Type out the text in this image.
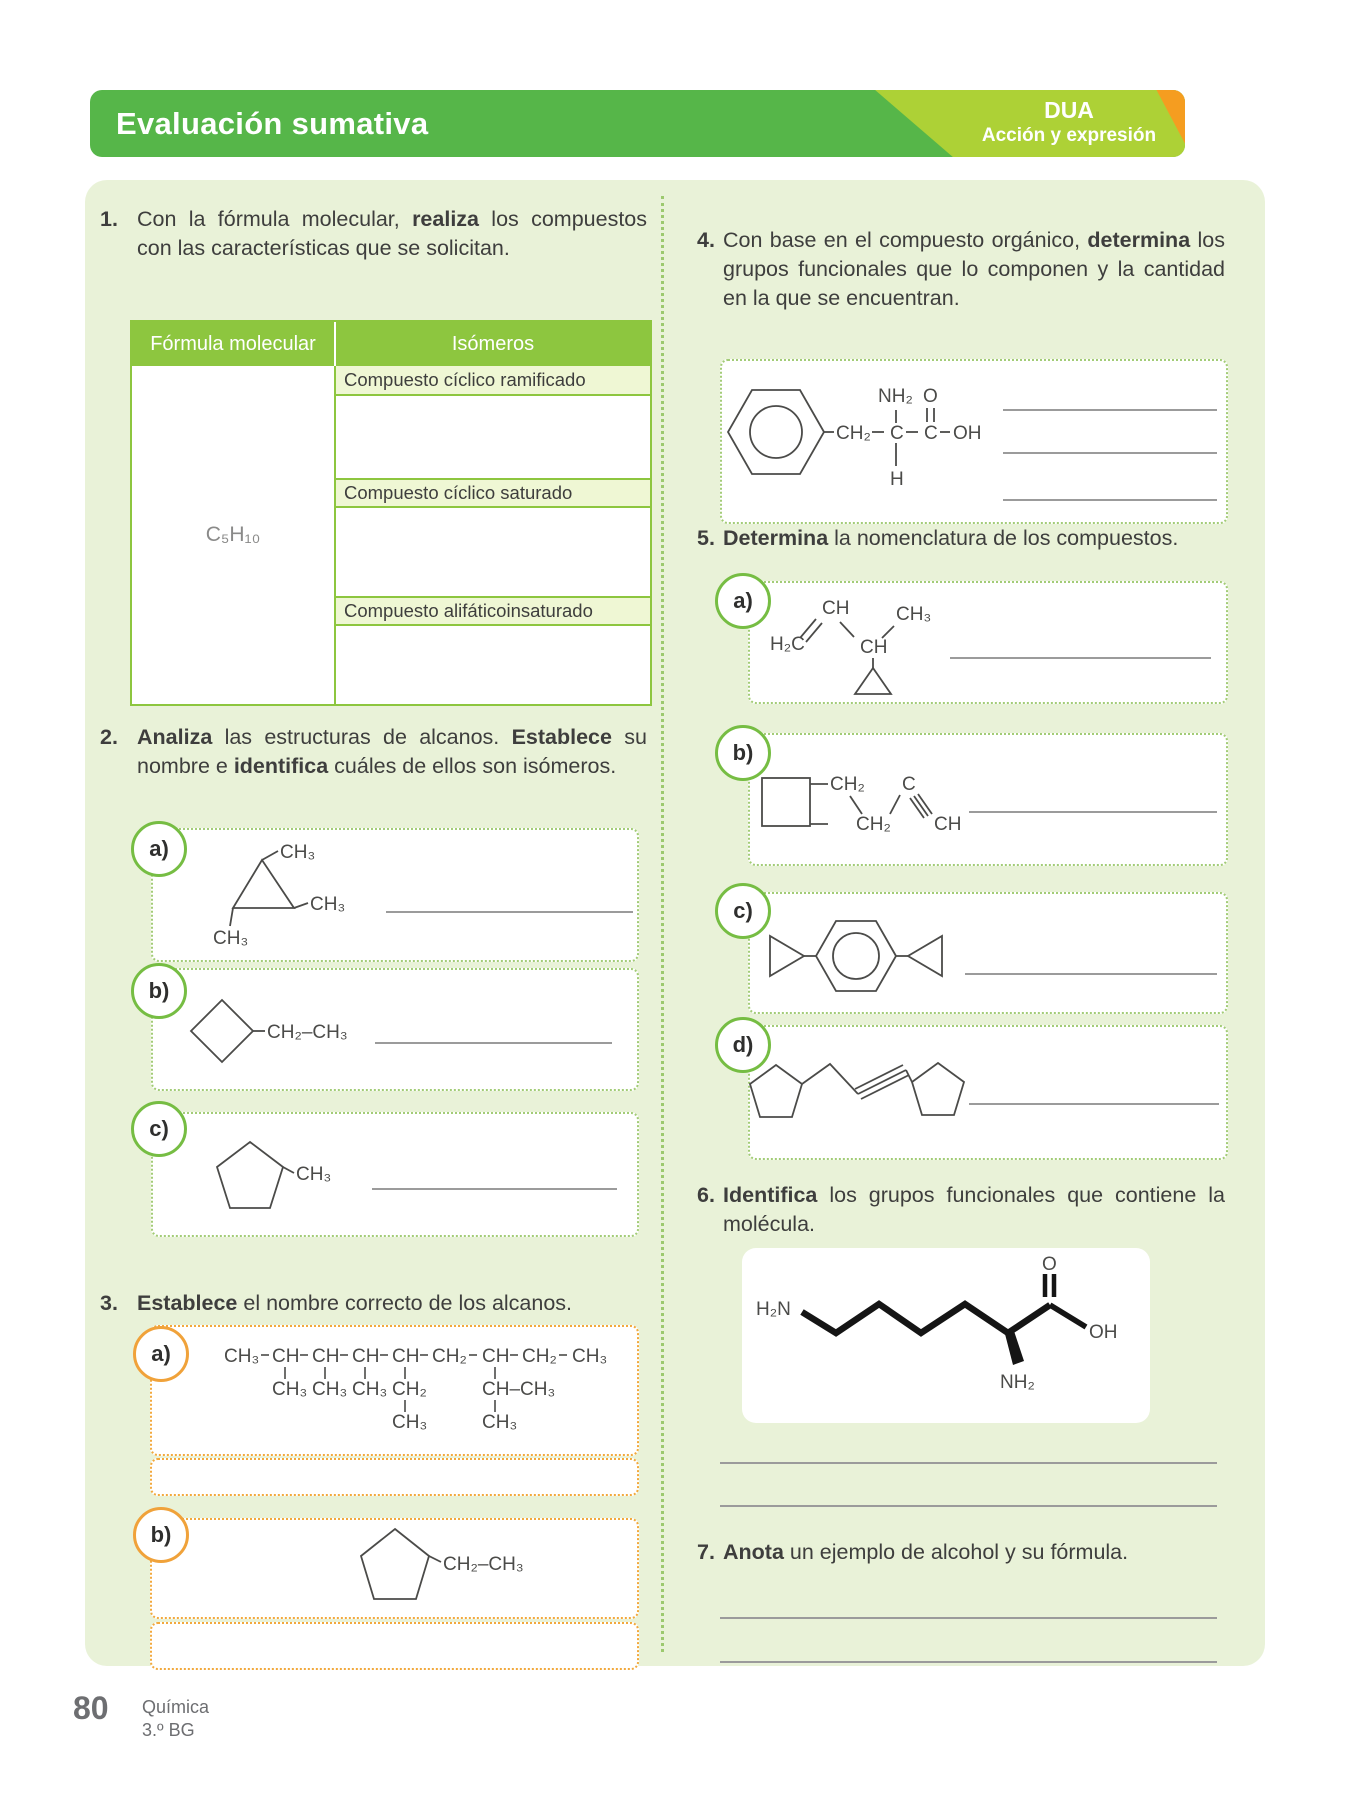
Evaluación sumativa	DUA
Acción y expresión
1. Con la fórmula molecular, realiza los compuestos con las características que se solicitan.
Fórmula molecular	Isómeros
C₅H₁₀
Compuesto cíclico ramificado
Compuesto cíclico saturado
Compuesto alifáticoinsaturado
2. Analiza las estructuras de alcanos. Establece su nombre e identifica cuáles de ellos son isómeros.
a)	CH₃
CH₃
CH₃
b)
CH₂–CH₃
c)
CH₃
3. Establece el nombre correcto de los alcanos.
a)	CH₃ CH CH CH CH CH₂ CH CH₂ CH₃
CH₃ CH₃ CH₃ CH₂	CH–CH₃
CH₃	CH₃
b)
CH₂–CH₃
4. Con base en el compuesto orgánico, determina los grupos funcionales que lo componen y la cantidad en la que se encuentran.
NH₂ O
CH₂ C C OH
H
5. Determina la nomenclatura de los compuestos.
a)	CH CH₃
H₂C	CH
b)
CH₂ C
CH₂ CH
c)
d)
6. Identifica los grupos funcionales que contiene la molécula.
H₂N
O
OH
NH₂
7. Anota un ejemplo de alcohol y su fórmula.
80 Química
3.º BG
